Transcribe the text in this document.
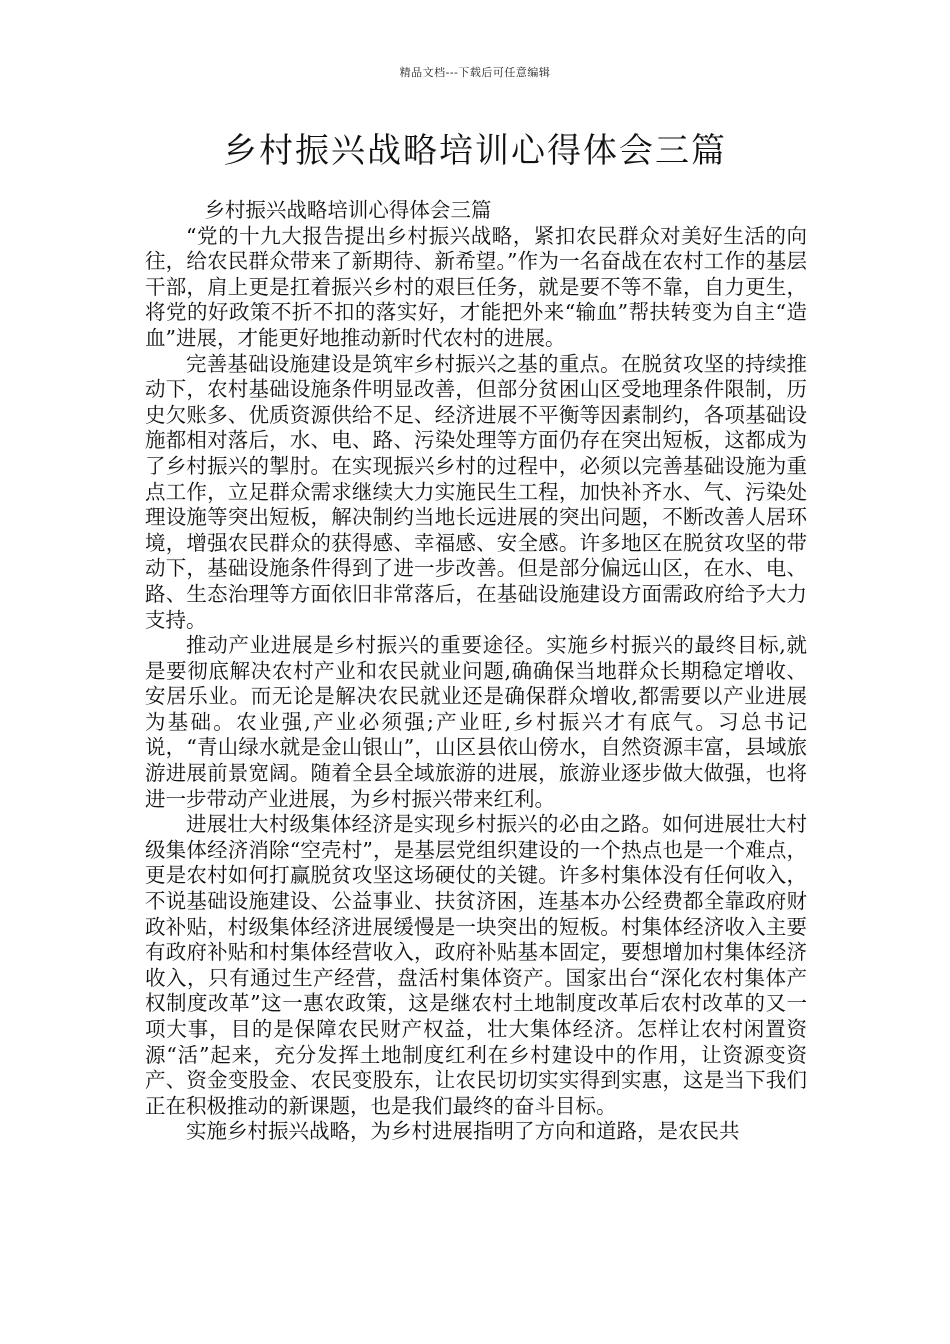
精品文档---下载后可任意编辑
乡村振兴战略培训心得体会三篇

乡村振兴战略培训心得体会三篇

“党的十九大报告提出乡村振兴战略，紧扣农民群众对美好生活的向往，给农民群众带来了新期待、新希望。”作为一名奋战在农村工作的基层干部，肩上更是扛着振兴乡村的艰巨任务，就是要不等不靠，自力更生，将党的好政策不折不扣的落实好，才能把外来“输血”帮扶转变为自主“造血”进展，才能更好地推动新时代农村的进展。

完善基础设施建设是筑牢乡村振兴之基的重点。在脱贫攻坚的持续推动下，农村基础设施条件明显改善，但部分贫困山区受地理条件限制，历史欠账多、优质资源供给不足、经济进展不平衡等因素制约，各项基础设施都相对落后，水、电、路、污染处理等方面仍存在突出短板，这都成为了乡村振兴的掣肘。在实现振兴乡村的过程中，必须以完善基础设施为重点工作，立足群众需求继续大力实施民生工程，加快补齐水、气、污染处理设施等突出短板，解决制约当地长远进展的突出问题，不断改善人居环境，增强农民群众的获得感、幸福感、安全感。许多地区在脱贫攻坚的带动下，基础设施条件得到了进一步改善。但是部分偏远山区，在水、电、路、生态治理等方面依旧非常落后，在基础设施建设方面需政府给予大力支持。

推动产业进展是乡村振兴的重要途径。实施乡村振兴的最终目标,就是要彻底解决农村产业和农民就业问题,确确保当地群众长期稳定增收、安居乐业。而无论是解决农民就业还是确保群众增收,都需要以产业进展为基础。农业强,产业必须强;产业旺,乡村振兴才有底气。习总书记说，“青山绿水就是金山银山”，山区县依山傍水，自然资源丰富，县域旅游进展前景宽阔。随着全县全域旅游的进展，旅游业逐步做大做强，也将进一步带动产业进展，为乡村振兴带来红利。

进展壮大村级集体经济是实现乡村振兴的必由之路。如何进展壮大村级集体经济消除“空壳村”，是基层党组织建设的一个热点也是一个难点，更是农村如何打赢脱贫攻坚这场硬仗的关键。许多村集体没有任何收入，不说基础设施建设、公益事业、扶贫济困，连基本办公经费都全靠政府财政补贴，村级集体经济进展缓慢是一块突出的短板。村集体经济收入主要有政府补贴和村集体经营收入，政府补贴基本固定，要想增加村集体经济收入，只有通过生产经营，盘活村集体资产。国家出台“深化农村集体产权制度改革”这一惠农政策，这是继农村土地制度改革后农村改革的又一项大事，目的是保障农民财产权益，壮大集体经济。怎样让农村闲置资源“活”起来，充分发挥土地制度红利在乡村建设中的作用，让资源变资产、资金变股金、农民变股东，让农民切切实实得到实惠，这是当下我们正在积极推动的新课题，也是我们最终的奋斗目标。

实施乡村振兴战略，为乡村进展指明了方向和道路，是农民共
